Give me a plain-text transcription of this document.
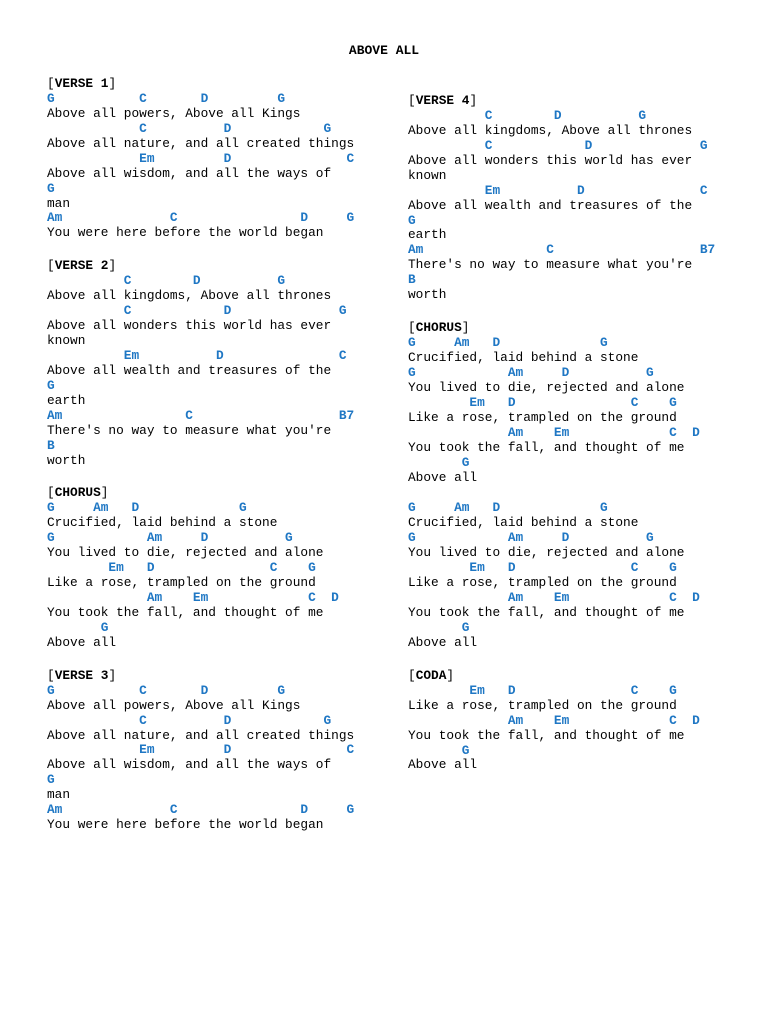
ABOVE ALL
[VERSE 1]
G           C       D         G
Above all powers, Above all Kings
C          D            G
Above all nature, and all created things
Em         D               C
Above all wisdom, and all the ways of
G
man
Am              C                D     G
You were here before the world began
[VERSE 2]
C        D          G
Above all kingdoms, Above all thrones
C            D              G
Above all wonders this world has ever
known
Em          D               C
Above all wealth and treasures of the
G
earth
Am                C                   B7
There's no way to measure what you're
B
worth
[CHORUS]
G     Am   D             G
Crucified, laid behind a stone
G            Am     D          G
You lived to die, rejected and alone
Em   D               C    G
Like a rose, trampled on the ground
Am    Em             C  D
You took the fall, and thought of me
G
Above all
[VERSE 3]
G           C       D         G
Above all powers, Above all Kings
C          D            G
Above all nature, and all created things
Em         D               C
Above all wisdom, and all the ways of
G
man
Am              C                D     G
You were here before the world began
[VERSE 4]
C        D          G
Above all kingdoms, Above all thrones
C            D              G
Above all wonders this world has ever
known
Em          D               C
Above all wealth and treasures of the
G
earth
Am                C                   B7
There's no way to measure what you're
B
worth
[CHORUS]
G     Am   D             G
Crucified, laid behind a stone
G            Am     D          G
You lived to die, rejected and alone
Em   D               C    G
Like a rose, trampled on the ground
Am    Em             C  D
You took the fall, and thought of me
G
Above all
G     Am   D             G
Crucified, laid behind a stone
G            Am     D          G
You lived to die, rejected and alone
Em   D               C    G
Like a rose, trampled on the ground
Am    Em             C  D
You took the fall, and thought of me
G
Above all
[CODA]
Em   D               C    G
Like a rose, trampled on the ground
Am    Em             C  D
You took the fall, and thought of me
G
Above all
